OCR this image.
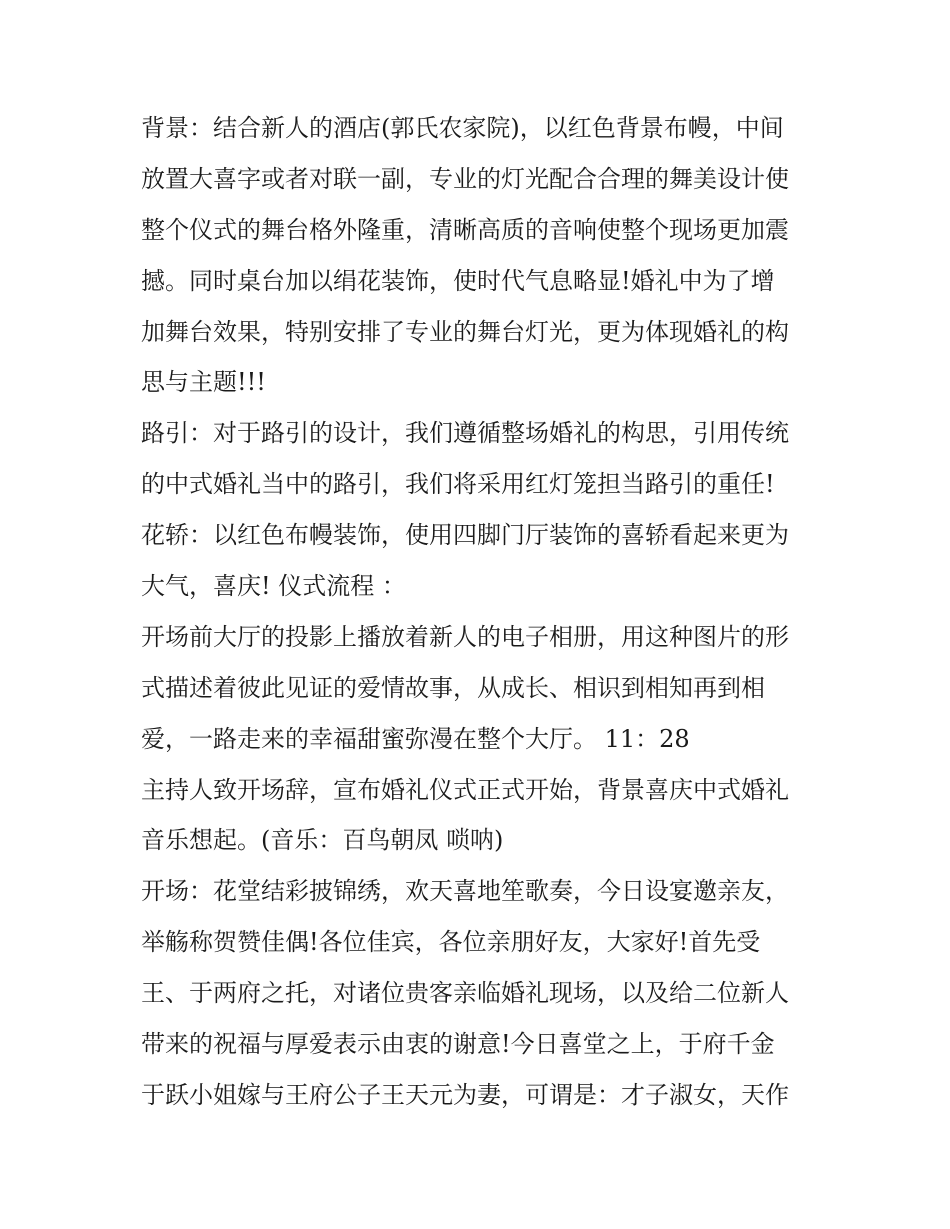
背景：结合新人的酒店(郭氏农家院)，以红色背景布幔，中间
放置大喜字或者对联一副，专业的灯光配合合理的舞美设计使
整个仪式的舞台格外隆重，清晰高质的音响使整个现场更加震
撼。同时桌台加以绢花装饰，使时代气息略显!婚礼中为了增
加舞台效果，特别安排了专业的舞台灯光，更为体现婚礼的构
思与主题!!!
路引：对于路引的设计，我们遵循整场婚礼的构思，引用传统
的中式婚礼当中的路引，我们将采用红灯笼担当路引的重任!
花轿：以红色布幔装饰，使用四脚门厅装饰的喜轿看起来更为
大气，喜庆! 仪式流程 ：
开场前大厅的投影上播放着新人的电子相册，用这种图片的形
式描述着彼此见证的爱情故事，从成长、相识到相知再到相
爱，一路走来的幸福甜蜜弥漫在整个大厅。 11：28
主持人致开场辞，宣布婚礼仪式正式开始，背景喜庆中式婚礼
音乐想起。(音乐：百鸟朝凤 唢呐)
开场：花堂结彩披锦绣，欢天喜地笙歌奏，今日设宴邀亲友，
举觞称贺赞佳偶!各位佳宾，各位亲朋好友，大家好!首先受
王、于两府之托，对诸位贵客亲临婚礼现场，以及给二位新人
带来的祝福与厚爱表示由衷的谢意!今日喜堂之上，于府千金
于跃小姐嫁与王府公子王天元为妻，可谓是：才子淑女，天作
